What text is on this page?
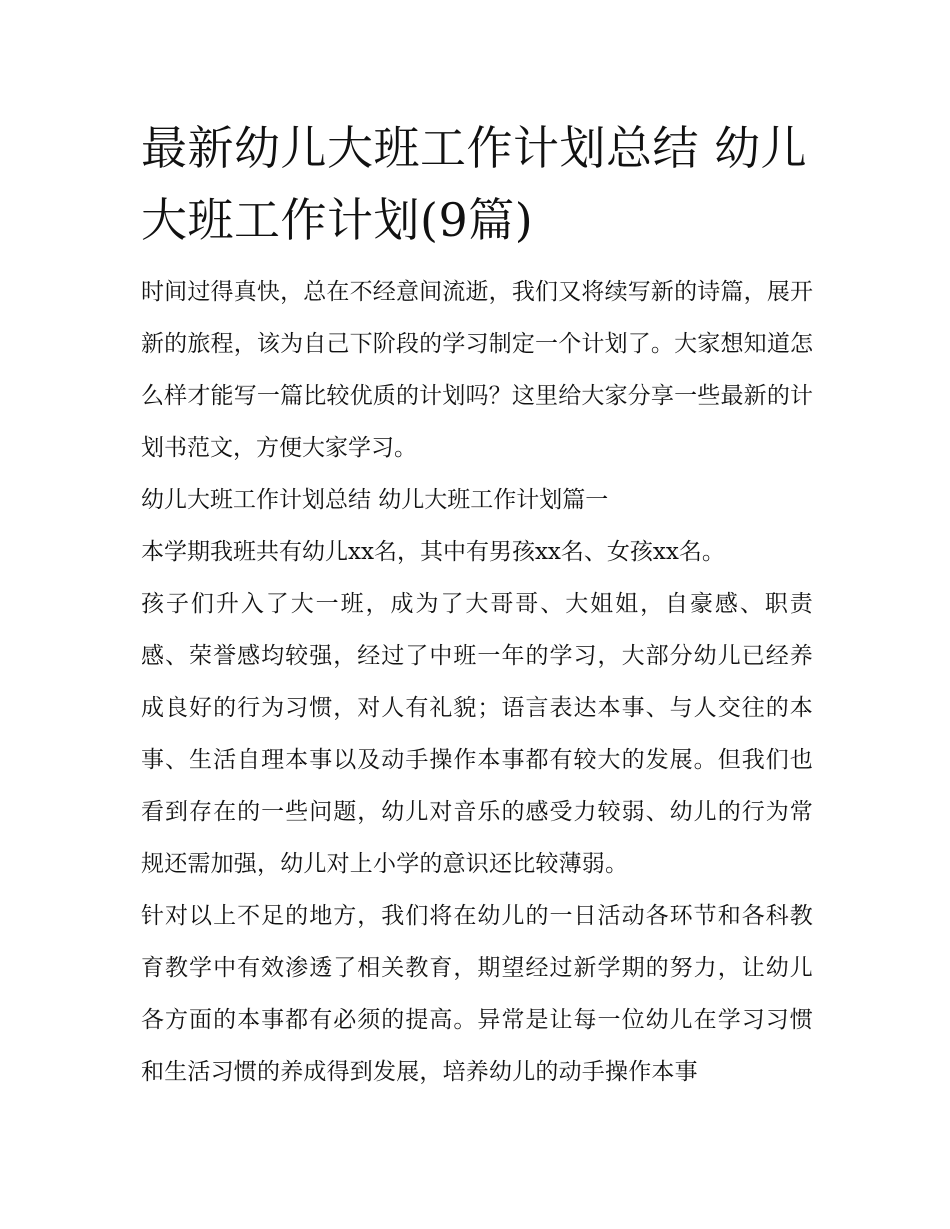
最新幼儿大班工作计划总结 幼儿大班工作计划(9篇)

时间过得真快，总在不经意间流逝，我们又将续写新的诗篇，展开新的旅程，该为自己下阶段的学习制定一个计划了。大家想知道怎么样才能写一篇比较优质的计划吗？这里给大家分享一些最新的计划书范文，方便大家学习。

幼儿大班工作计划总结 幼儿大班工作计划篇一

本学期我班共有幼儿xx名，其中有男孩xx名、女孩xx名。

孩子们升入了大一班，成为了大哥哥、大姐姐，自豪感、职责感、荣誉感均较强，经过了中班一年的学习，大部分幼儿已经养成良好的行为习惯，对人有礼貌；语言表达本事、与人交往的本事、生活自理本事以及动手操作本事都有较大的发展。但我们也看到存在的一些问题，幼儿对音乐的感受力较弱、幼儿的行为常规还需加强，幼儿对上小学的意识还比较薄弱。

针对以上不足的地方，我们将在幼儿的一日活动各环节和各科教育教学中有效渗透了相关教育，期望经过新学期的努力，让幼儿各方面的本事都有必须的提高。异常是让每一位幼儿在学习习惯和生活习惯的养成得到发展，培养幼儿的动手操作本事
